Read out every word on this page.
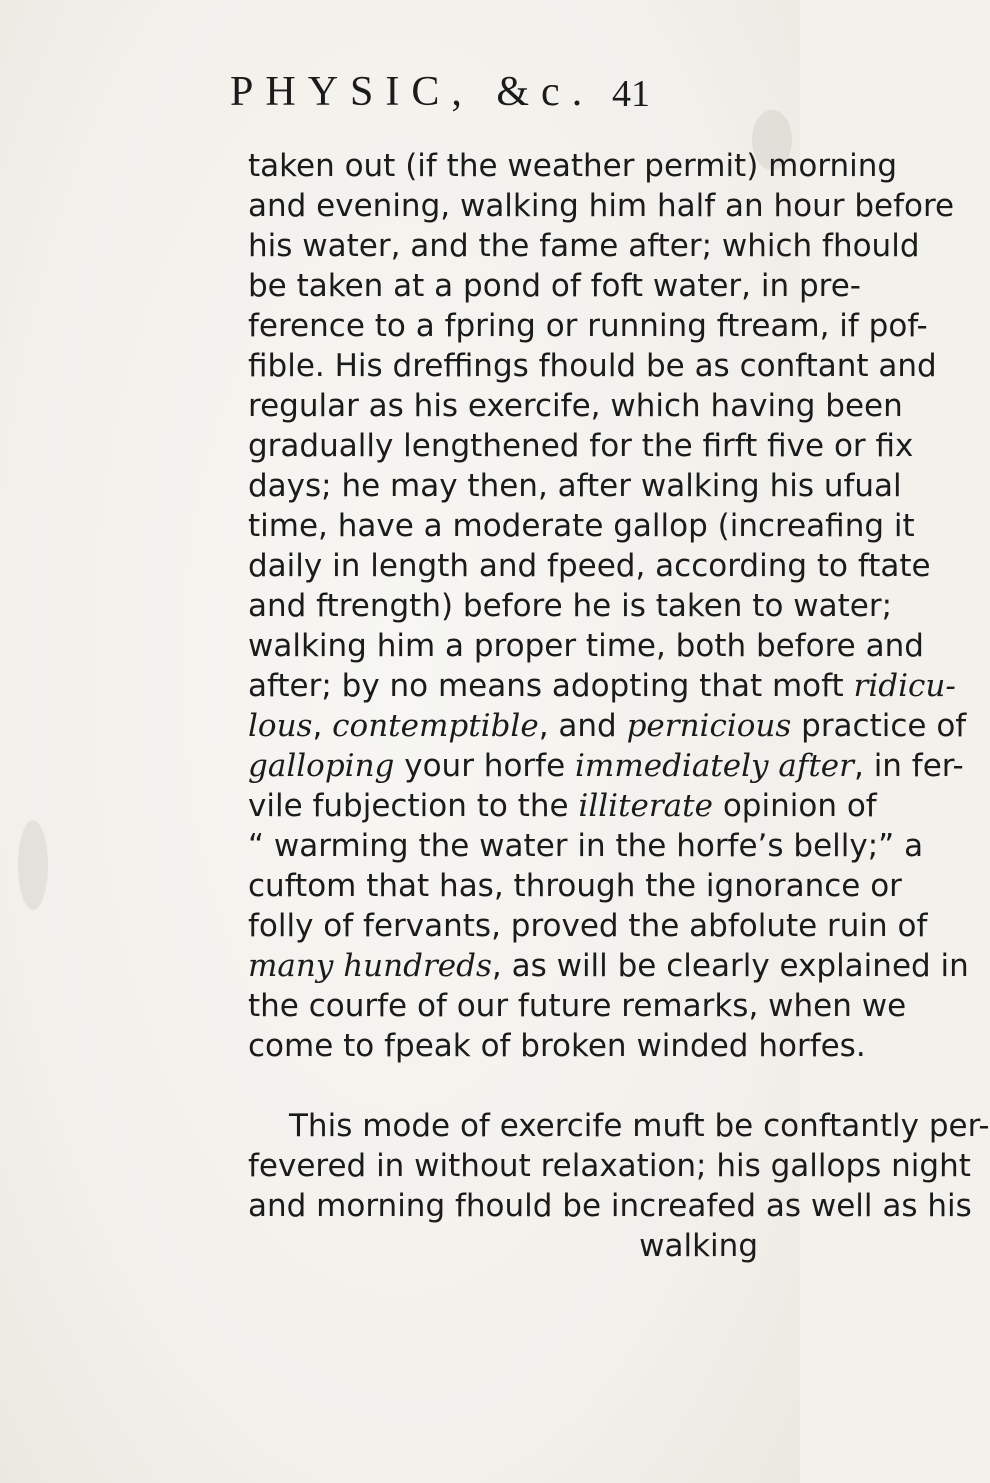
PHYSIC, &c. 41
taken out (if the weather permit) morning
and evening, walking him half an hour before
his water, and the fame after; which fhould
be taken at a pond of foft water, in pre-
ference to a fpring or running ftream, if pof-
fible. His dreffings fhould be as conftant and
regular as his exercife, which having been
gradually lengthened for the firft five or fix
days; he may then, after walking his ufual
time, have a moderate gallop (increafing it
daily in length and fpeed, according to ftate
and ftrength) before he is taken to water;
walking him a proper time, both before and
after; by no means adopting that moft ridicu-
lous, contemptible, and pernicious practice of
galloping your horfe immediately after, in fer-
vile fubjection to the illiterate opinion of
“ warming the water in the horfe’s belly;” a
cuftom that has, through the ignorance or
folly of fervants, proved the abfolute ruin of
many hundreds, as will be clearly explained in
the courfe of our future remarks, when we
come to fpeak of broken winded horfes.
This mode of exercife muft be conftantly per-
fevered in without relaxation; his gallops night
and morning fhould be increafed as well as his
walking
